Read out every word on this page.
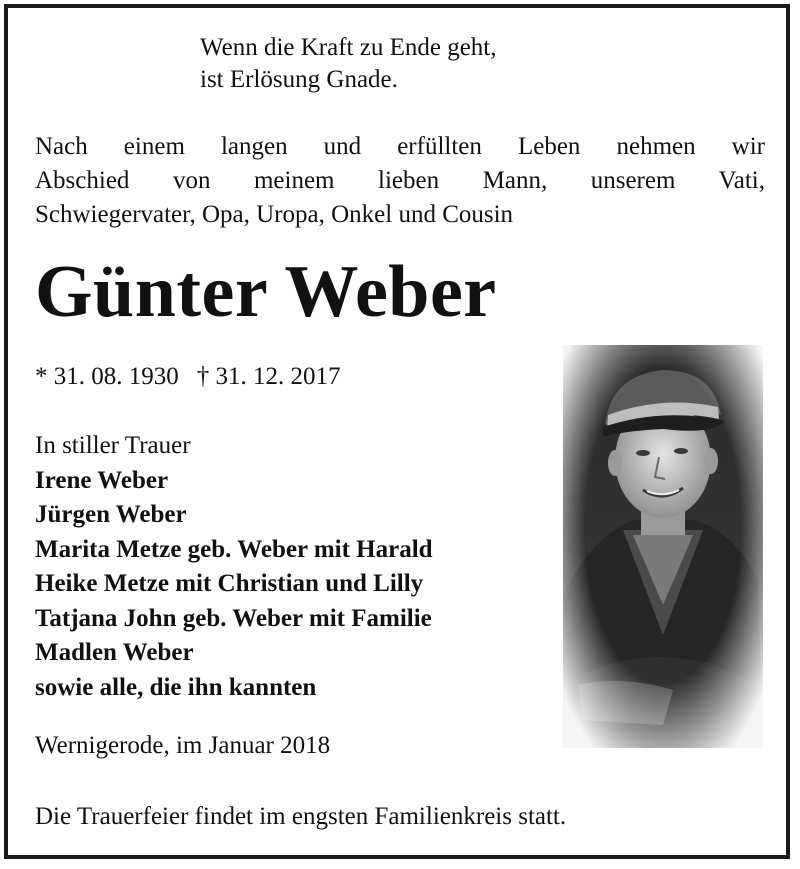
Wenn die Kraft zu Ende geht,
ist Erlösung Gnade.
Nach einem langen und erfüllten Leben nehmen wir
Abschied von meinem lieben Mann, unserem Vati,
Schwiegervater, Opa, Uropa, Onkel und Cousin
Günter Weber
* 31. 08. 1930 † 31. 12. 2017
In stiller Trauer
Irene Weber
Jürgen Weber
Marita Metze geb. Weber mit Harald
Heike Metze mit Christian und Lilly
Tatjana John geb. Weber mit Familie
Madlen Weber
sowie alle, die ihn kannten
Wernigerode, im Januar 2018
Die Trauerfeier findet im engsten Familienkreis statt.
